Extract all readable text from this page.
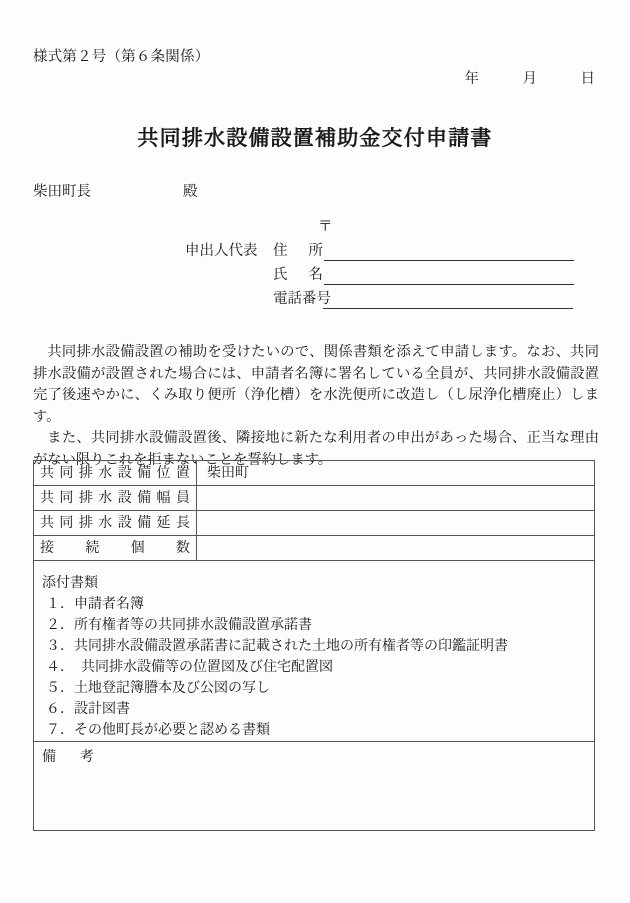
様式第２号（第６条関係）
年	月	日
共同排水設備設置補助金交付申請書
柴田町長	殿
〒
申出人代表	住 所
氏 名
電話番号

共同排水設備設置の補助を受けたいので、関係書類を添えて申請します。なお、共同排水設備が設置された場合には、申請者名簿に署名している全員が、共同排水設備設置完了後速やかに、くみ取り便所（浄化槽）を水洗便所に改造し（し尿浄化槽廃止）します。

また、共同排水設備設置後、隣接地に新たな利用者の申出があった場合、正当な理由がない限りこれを拒まないことを誓約します。

共 同 排 水 設 備 位 置	柴田町

共 同 排 水 設 備 幅 員

共 同 排 水 設 備 延 長

接 続 個 数	

添付書類
１．申請者名簿
２．所有権者等の共同排水設備設置承諾書
３．共同排水設備設置承諾書に記載された土地の所有権者等の印鑑証明書
４．　共同排水設備等の位置図及び住宅配置図
５．土地登記簿謄本及び公図の写し
６．設計図書
７．その他町長が必要と認める書類

備 考	
